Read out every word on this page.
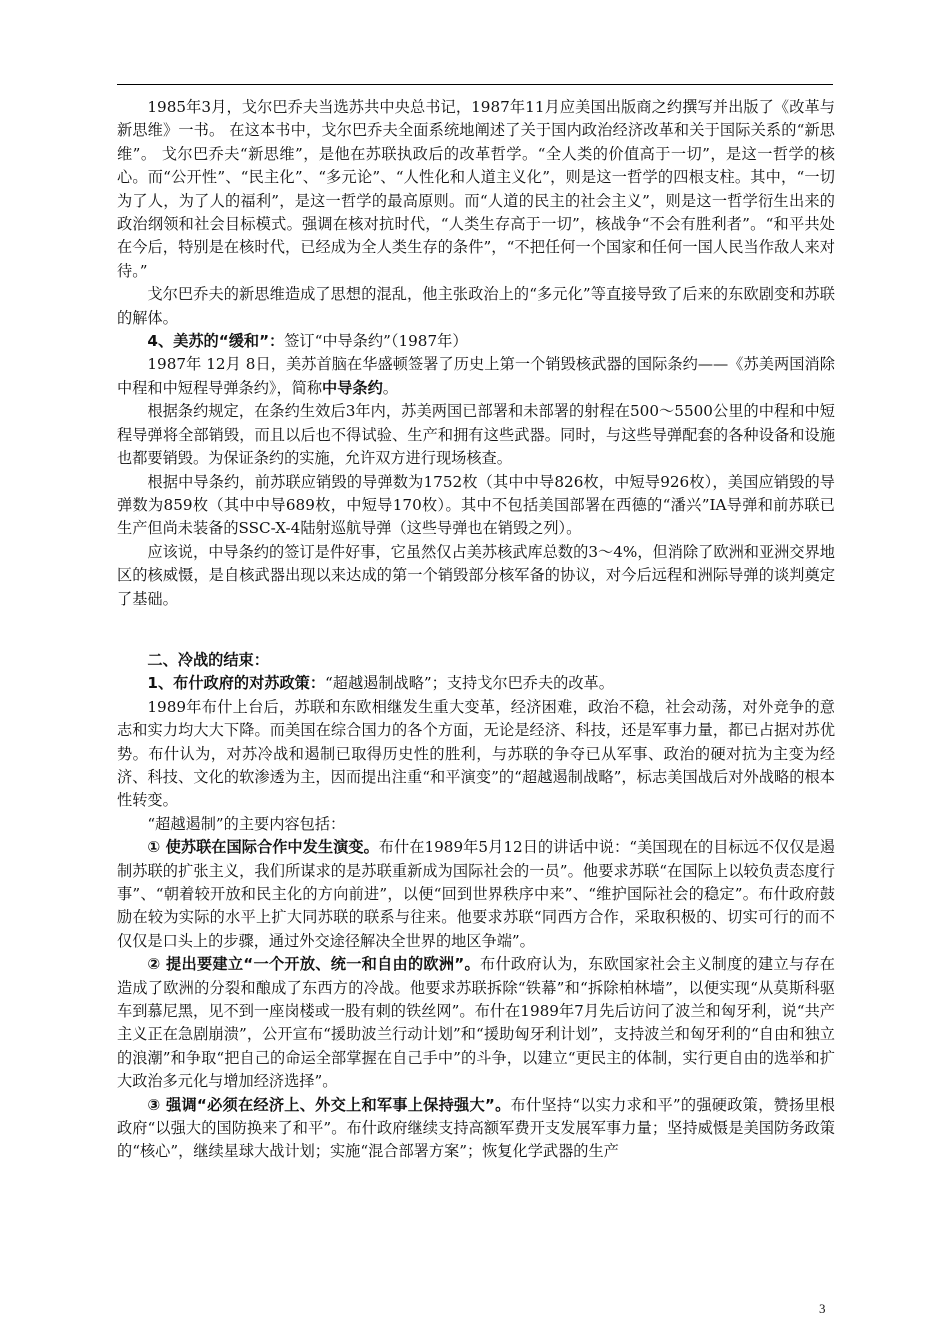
1985年3月，戈尔巴乔夫当选苏共中央总书记，1987年11月应美国出版商之约撰写并出版了《改革与新思维》一书。 在这本书中，戈尔巴乔夫全面系统地阐述了关于国内政治经济改革和关于国际关系的“新思维”。 戈尔巴乔夫“新思维”，是他在苏联执政后的改革哲学。“全人类的价值高于一切”，是这一哲学的核心。而“公开性”、“民主化”、“多元论”、“人性化和人道主义化”，则是这一哲学的四根支柱。其中，“一切为了人，为了人的福利”，是这一哲学的最高原则。而“人道的民主的社会主义”，则是这一哲学衍生出来的政治纲领和社会目标模式。强调在核对抗时代，“人类生存高于一切”，核战争“不会有胜利者”。“和平共处在今后，特别是在核时代，已经成为全人类生存的条件”，“不把任何一个国家和任何一国人民当作敌人来对待。”

戈尔巴乔夫的新思维造成了思想的混乱，他主张政治上的“多元化”等直接导致了后来的东欧剧变和苏联的解体。

4、美苏的“缓和”：签订“中导条约”（1987年）

1987年 12月 8日，美苏首脑在华盛顿签署了历史上第一个销毁核武器的国际条约——《苏美两国消除中程和中短程导弹条约》，简称中导条约。

根据条约规定，在条约生效后3年内，苏美两国已部署和未部署的射程在500～5500公里的中程和中短程导弹将全部销毁，而且以后也不得试验、生产和拥有这些武器。同时，与这些导弹配套的各种设备和设施也都要销毁。为保证条约的实施，允许双方进行现场核查。

根据中导条约，前苏联应销毁的导弹数为1752枚（其中中导826枚，中短导926枚），美国应销毁的导弹数为859枚（其中中导689枚，中短导170枚）。其中不包括美国部署在西德的“潘兴”IA导弹和前苏联已生产但尚未装备的SSC-X-4陆射巡航导弹（这些导弹也在销毁之列）。

应该说，中导条约的签订是件好事，它虽然仅占美苏核武库总数的3～4%，但消除了欧洲和亚洲交界地区的核威慑，是自核武器出现以来达成的第一个销毁部分核军备的协议，对今后远程和洲际导弹的谈判奠定了基础。

二、冷战的结束：

1、布什政府的对苏政策：“超越遏制战略”；支持戈尔巴乔夫的改革。

1989年布什上台后，苏联和东欧相继发生重大变革，经济困难，政治不稳，社会动荡，对外竞争的意志和实力均大大下降。而美国在综合国力的各个方面，无论是经济、科技，还是军事力量，都已占据对苏优势。布什认为，对苏冷战和遏制已取得历史性的胜利，与苏联的争夺已从军事、政治的硬对抗为主变为经济、科技、文化的软渗透为主，因而提出注重“和平演变”的“超越遏制战略”，标志美国战后对外战略的根本性转变。

“超越遏制”的主要内容包括：

① 使苏联在国际合作中发生演变。布什在1989年5月12日的讲话中说：“美国现在的目标远不仅仅是遏制苏联的扩张主义，我们所谋求的是苏联重新成为国际社会的一员”。他要求苏联“在国际上以较负责态度行事”、“朝着较开放和民主化的方向前进”，以便“回到世界秩序中来”、“维护国际社会的稳定”。布什政府鼓励在较为实际的水平上扩大同苏联的联系与往来。他要求苏联“同西方合作，采取积极的、切实可行的而不仅仅是口头上的步骤，通过外交途径解决全世界的地区争端”。

② 提出要建立“一个开放、统一和自由的欧洲”。布什政府认为，东欧国家社会主义制度的建立与存在造成了欧洲的分裂和酿成了东西方的冷战。他要求苏联拆除“铁幕”和“拆除柏林墙”，以便实现“从莫斯科驱车到慕尼黑，见不到一座岗楼或一股有刺的铁丝网”。布什在1989年7月先后访问了波兰和匈牙利，说“共产主义正在急剧崩溃”，公开宣布“援助波兰行动计划”和“援助匈牙利计划”，支持波兰和匈牙利的“自由和独立的浪潮”和争取“把自己的命运全部掌握在自己手中”的斗争，以建立“更民主的体制，实行更自由的选举和扩大政治多元化与增加经济选择”。

③ 强调“必须在经济上、外交上和军事上保持强大”。布什坚持“以实力求和平”的强硬政策，赞扬里根政府“以强大的国防换来了和平”。布什政府继续支持高额军费开支发展军事力量；坚持威慑是美国防务政策的“核心”，继续星球大战计划；实施“混合部署方案”；恢复化学武器的生产

3
